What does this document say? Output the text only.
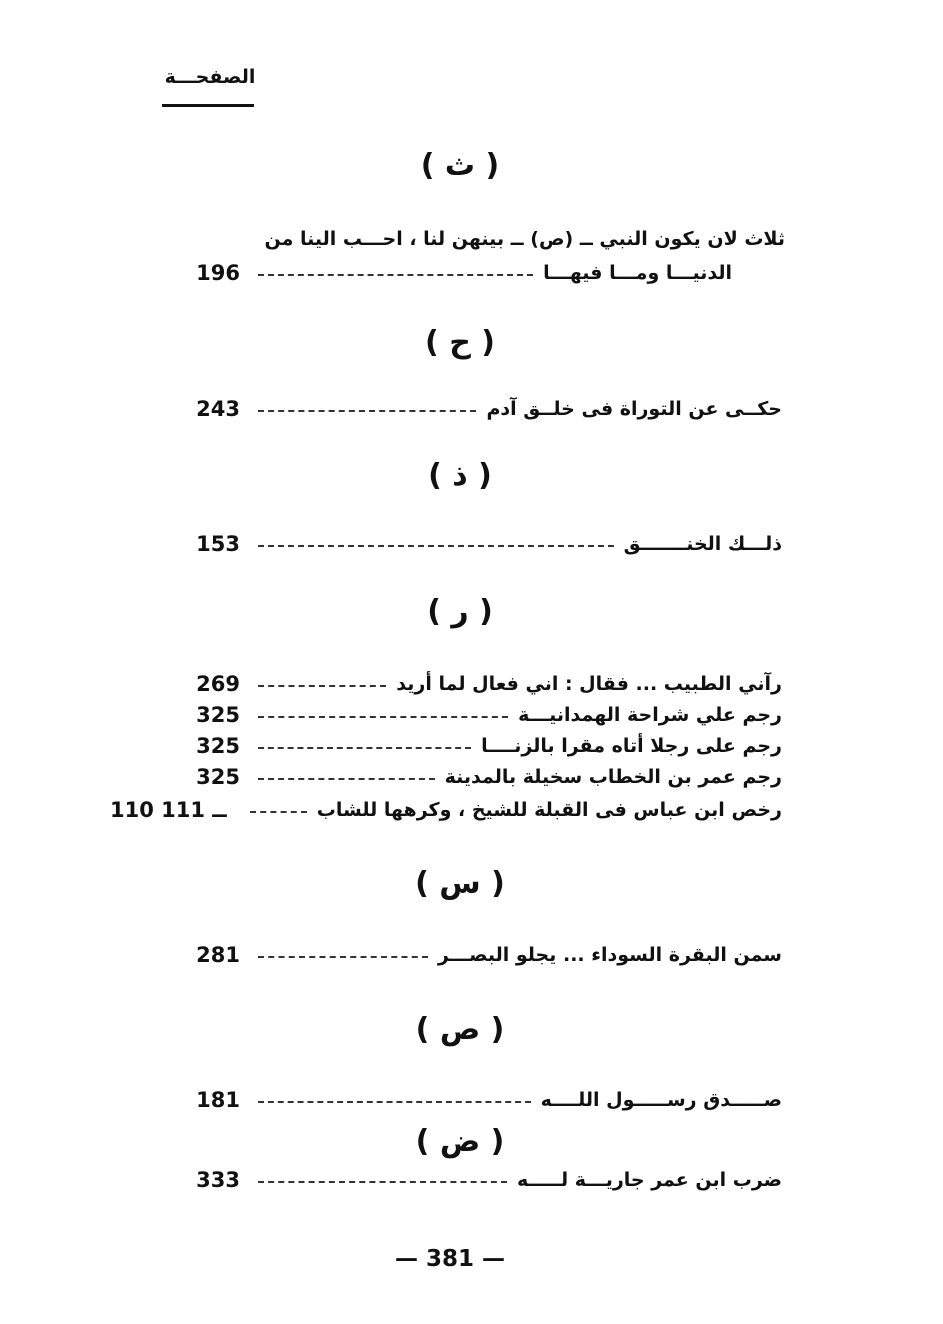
الصفحـــة
( ث )
ثلاث لان يكون النبي ــ (ص) ــ بينهن لنا ، احـــب الينا من
196	الدنيـــا ومـــا فيهـــا
( ح )
243	حكــى عن التوراة فى خلــق آدم
( ذ )
153	ذلـــك الخنـــــــق
( ر )
269	رآني الطبيب ... فقال : اني فعال لما أريد
325	رجم علي شراحة الهمدانيـــة
325	رجم على رجلا أتاه مقرا بالزنــــا
325	رجم عمر بن الخطاب سخيلة بالمدينة
110 ــ 111	رخص ابن عباس فى القبلة للشيخ ، وكرهها للشاب
( س )
281	سمن البقرة السوداء ... يجلو البصـــر
( ص )
181	صـــــدق رســـــول اللــــه
( ض )
333	ضرب ابن عمر جاريـــة لـــــه
— 381 —
